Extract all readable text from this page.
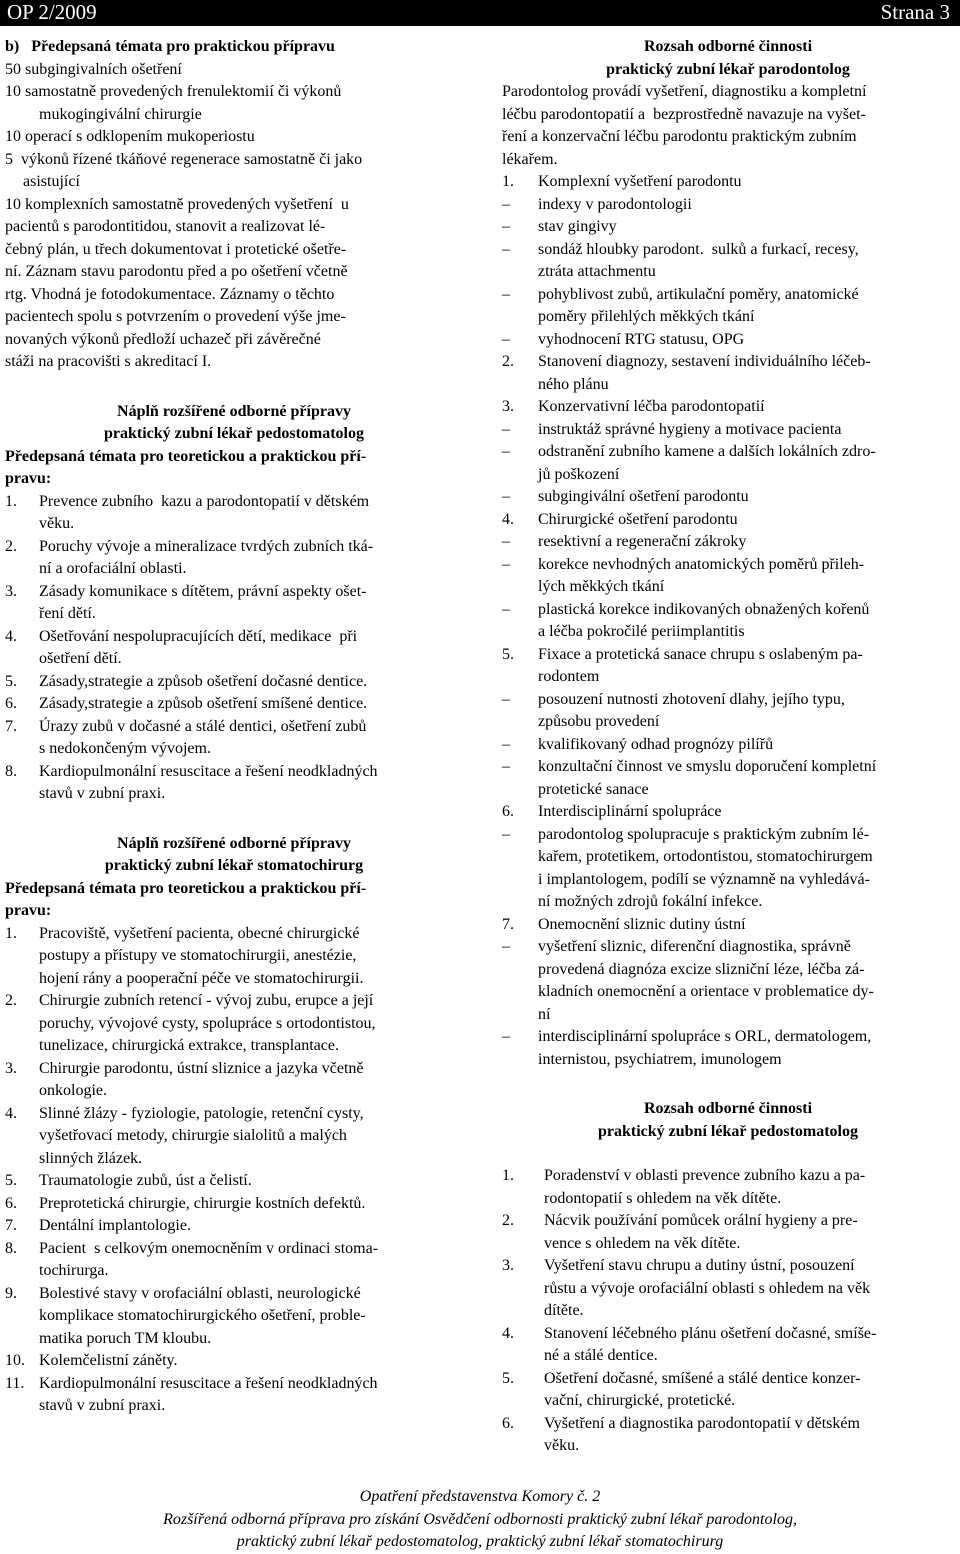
OP 2/2009	Strana 3
b)   Předepsaná témata pro praktickou přípravu
50 subgingivalních ošetření
10 samostatně provedených frenulektomií či výkonů
mukogingivální chirurgie
10 operací s odklopením mukoperiostu
5  výkonů řízené tkáňové regenerace samostatně či jako
asistující
10 komplexních samostatně provedených vyšetření  u
pacientů s parodontitidou, stanovit a realizovat lé-
čebný plán, u třech dokumentovat i protetické ošetře-
ní. Záznam stavu parodontu před a po ošetření včetně
rtg. Vhodná je fotodokumentace. Záznamy o těchto
pacientech spolu s potvrzením o provedení výše jme-
novaných výkonů předloží uchazeč při závěrečné
stáži na pracovišti s akreditací I.
Náplň rozšířené odborné přípravy
praktický zubní lékař pedostomatolog
Předepsaná témata pro teoretickou a praktickou pří-
pravu:
1. Prevence zubního  kazu a parodontopatií v dětském
věku.
2. Poruchy vývoje a mineralizace tvrdých zubních tká-
ní a orofaciální oblasti.
3. Zásady komunikace s dítětem, právní aspekty ošet-
ření dětí.
4. Ošetřování nespolupracujících dětí, medikace  při
ošetření dětí.
5. Zásady,strategie a způsob ošetření dočasné dentice.
6. Zásady,strategie a způsob ošetření smíšené dentice.
7. Úrazy zubů v dočasné a stálé dentici, ošetření zubů
s nedokončeným vývojem.
8. Kardiopulmonální resuscitace a řešení neodkladných
stavů v zubní praxi.
Náplň rozšířené odborné přípravy
praktický zubní lékař stomatochirurg
Předepsaná témata pro teoretickou a praktickou pří-
pravu:
1. Pracoviště, vyšetření pacienta, obecné chirurgické
postupy a přístupy ve stomatochirurgii, anestézie,
hojení rány a pooperační péče ve stomatochirurgii.
2. Chirurgie zubních retencí - vývoj zubu, erupce a její
poruchy, vývojové cysty, spolupráce s ortodontistou,
tunelizace, chirurgická extrakce, transplantace.
3. Chirurgie parodontu, ústní sliznice a jazyka včetně
onkologie.
4. Slinné žlázy - fyziologie, patologie, retenční cysty,
vyšetřovací metody, chirurgie sialolitů a malých
slinných žlázek.
5. Traumatologie zubů, úst a čelistí.
6. Preprotetická chirurgie, chirurgie kostních defektů.
7. Dentální implantologie.
8. Pacient  s celkovým onemocněním v ordinaci stoma-
tochirurga.
9. Bolestivé stavy v orofaciální oblasti, neurologické
komplikace stomatochirurgického ošetření, proble-
matika poruch TM kloubu.
10. Kolemčelistní záněty.
11. Kardiopulmonální resuscitace a řešení neodkladných
stavů v zubní praxi.
Rozsah odborné činnosti
praktický zubní lékař parodontolog
Parodontolog provádí vyšetření, diagnostiku a kompletní
léčbu parodontopatií a  bezprostředně navazuje na vyšet-
ření a konzervační léčbu parodontu praktickým zubním
lékařem.
1. Komplexní vyšetření parodontu
– indexy v parodontologii
– stav gingivy
– sondáž hloubky parodont.  sulků a furkací, recesy,
ztráta attachmentu
– pohyblivost zubů, artikulační poměry, anatomické
poměry přilehlých měkkých tkání
– vyhodnocení RTG statusu, OPG
2. Stanovení diagnozy, sestavení individuálního léčeb-
ného plánu
3. Konzervativní léčba parodontopatií
– instruktáž správné hygieny a motivace pacienta
– odstranění zubního kamene a dalších lokálních zdro-
jů poškození
– subgingivální ošetření parodontu
4. Chirurgické ošetření parodontu
– resektivní a regenerační zákroky
– korekce nevhodných anatomických poměrů přileh-
lých měkkých tkání
– plastická korekce indikovaných obnažených kořenů
a léčba pokročilé periimplantitis
5. Fixace a protetická sanace chrupu s oslabeným pa-
rodontem
– posouzení nutnosti zhotovení dlahy, jejího typu,
způsobu provedení
– kvalifikovaný odhad prognózy pilířů
– konzultační činnost ve smyslu doporučení kompletní
protetické sanace
6. Interdisciplinární spolupráce
– parodontolog spolupracuje s praktickým zubním lé-
kařem, protetikem, ortodontistou, stomatochirurgem
i implantologem, podílí se významně na vyhledává-
ní možných zdrojů fokální infekce.
7. Onemocnění sliznic dutiny ústní
– vyšetření sliznic, diferenční diagnostika, správně
provedená diagnóza excize slizniční léze, léčba zá-
kladních onemocnění a orientace v problematice dy-
ní
– interdisciplinární spolupráce s ORL, dermatologem,
internistou, psychiatrem, imunologem
Rozsah odborné činnosti
praktický zubní lékař pedostomatolog
1. Poradenství v oblasti prevence zubního kazu a pa-
rodontopatií s ohledem na věk dítěte.
2. Nácvik používání pomůcek orální hygieny a pre-
vence s ohledem na věk dítěte.
3. Vyšetření stavu chrupu a dutiny ústní, posouzení
růstu a vývoje orofaciální oblasti s ohledem na věk
dítěte.
4. Stanovení léčebného plánu ošetření dočasné, smíše-
né a stálé dentice.
5. Ošetření dočasné, smíšené a stálé dentice konzer-
vační, chirurgické, protetické.
6. Vyšetření a diagnostika parodontopatií v dětském
věku.
Opatření představenstva Komory č. 2
Rozšířená odborná příprava pro získání Osvědčení odbornosti praktický zubní lékař parodontolog,
praktický zubní lékař pedostomatolog, praktický zubní lékař stomatochirurg
